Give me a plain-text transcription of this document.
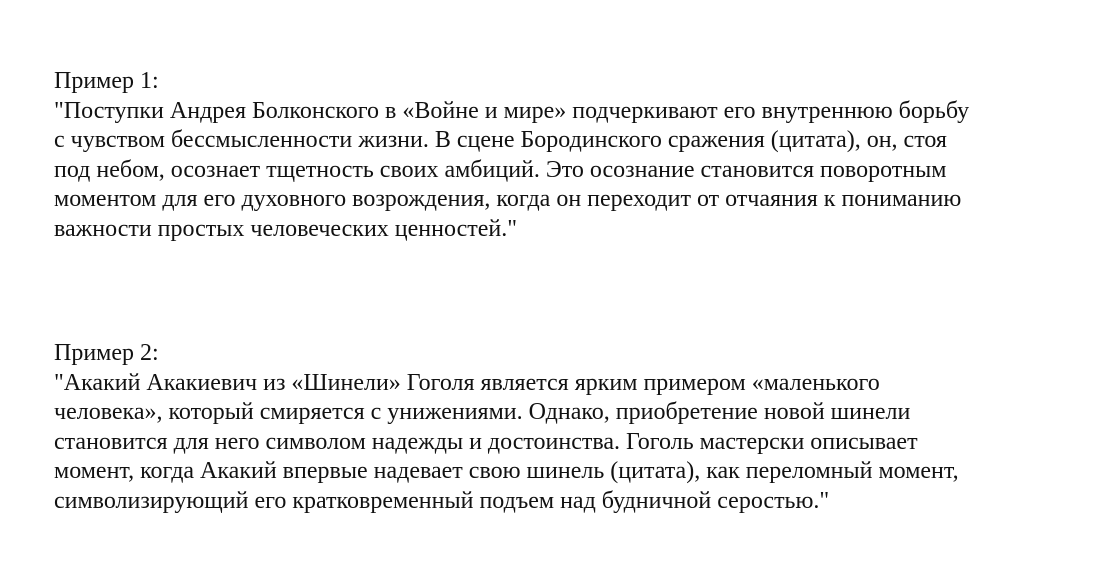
Пример 1:
"Поступки Андрея Болконского в «Войне и мире» подчеркивают его внутреннюю борьбу
с чувством бессмысленности жизни. В сцене Бородинского сражения (цитата), он, стоя
под небом, осознает тщетность своих амбиций. Это осознание становится поворотным
моментом для его духовного возрождения, когда он переходит от отчаяния к пониманию
важности простых человеческих ценностей."
Пример 2:
"Акакий Акакиевич из «Шинели» Гоголя является ярким примером «маленького
человека», который смиряется с унижениями. Однако, приобретение новой шинели
становится для него символом надежды и достоинства. Гоголь мастерски описывает
момент, когда Акакий впервые надевает свою шинель (цитата), как переломный момент,
символизирующий его кратковременный подъем над будничной серостью."
